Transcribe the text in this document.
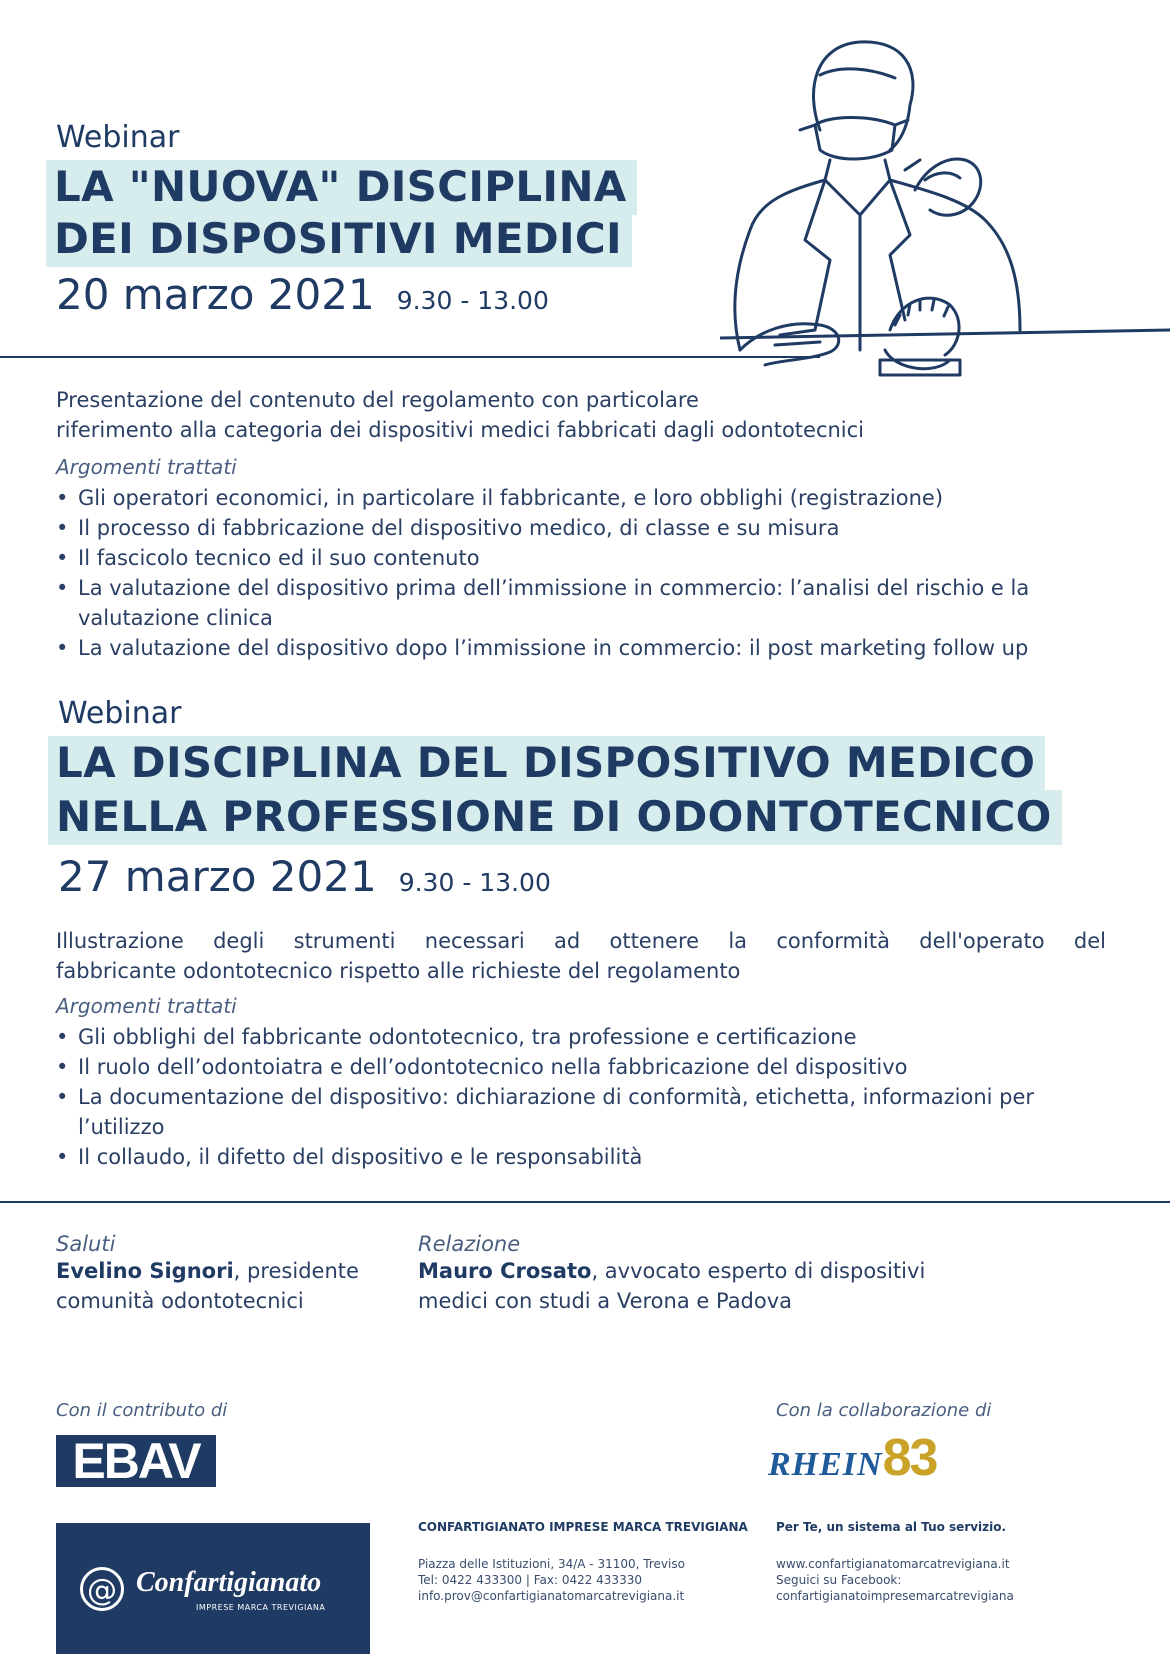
Webinar
LA "NUOVA" DISCIPLINA
DEI DISPOSITIVI MEDICI
20 marzo 2021 9.30 - 13.00
Presentazione del contenuto del regolamento con particolare
riferimento alla categoria dei dispositivi medici fabbricati dagli odontotecnici
Argomenti trattati
• Gli operatori economici, in particolare il fabbricante, e loro obblighi (registrazione)
• Il processo di fabbricazione del dispositivo medico, di classe e su misura
• Il fascicolo tecnico ed il suo contenuto
• La valutazione del dispositivo prima dell’immissione in commercio: l’analisi del rischio e la valutazione clinica
• La valutazione del dispositivo dopo l’immissione in commercio: il post marketing follow up
Webinar
LA DISCIPLINA DEL DISPOSITIVO MEDICO
NELLA PROFESSIONE DI ODONTOTECNICO
27 marzo 2021 9.30 - 13.00
Illustrazione degli strumenti necessari ad ottenere la conformità dell'operato del
fabbricante odontotecnico rispetto alle richieste del regolamento
Argomenti trattati
• Gli obblighi del fabbricante odontotecnico, tra professione e certificazione
• Il ruolo dell’odontoiatra e dell’odontotecnico nella fabbricazione del dispositivo
• La documentazione del dispositivo: dichiarazione di conformità, etichetta, informazioni per l’utilizzo
• Il collaudo, il difetto del dispositivo e le responsabilità
Saluti
Evelino Signori, presidente
comunità odontotecnici
Relazione
Mauro Crosato, avvocato esperto di dispositivi
medici con studi a Verona e Padova
Con il contributo di
EBAV
Con la collaborazione di
RHEIN83
@ Confartigianato
IMPRESE MARCA TREVIGIANA
CONFARTIGIANATO IMPRESE MARCA TREVIGIANA
Piazza delle Istituzioni, 34/A - 31100, Treviso
Tel: 0422 433300 | Fax: 0422 433330
info.prov@confartigianatomarcatrevigiana.it
Per Te, un sistema al Tuo servizio.
www.confartigianatomarcatrevigiana.it
Seguici su Facebook:
confartigianatoimpresemarcatrevigiana
